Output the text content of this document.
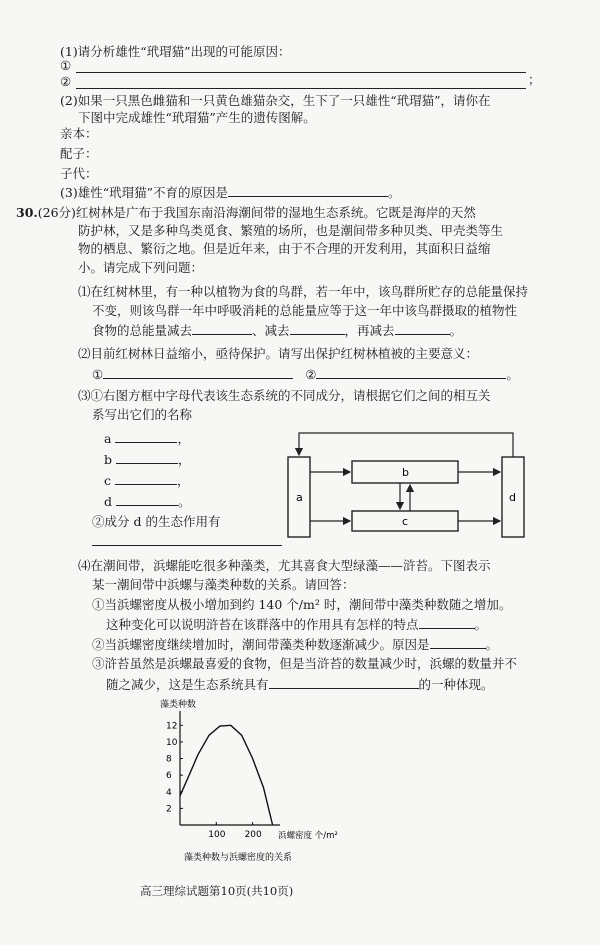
(1)请分析雄性“玳瑁猫”出现的可能原因：
①
②	；
(2)如果一只黑色雌猫和一只黄色雄猫杂交，生下了一只雄性“玳瑁猫”，请你在
下图中完成雄性“玳瑁猫”产生的遗传图解。
亲本：
配子：
子代：
(3)雄性“玳瑁猫”不育的原因是	。
30.(26分)红树林是广布于我国东南沿海潮间带的湿地生态系统。它既是海岸的天然
防护林，又是多种鸟类觅食、繁殖的场所，也是潮间带多种贝类、甲壳类等生
物的栖息、繁衍之地。但是近年来，由于不合理的开发利用，其面积日益缩
小。请完成下列问题：
⑴在红树林里，有一种以植物为食的鸟群，若一年中，该鸟群所贮存的总能量保持
不变，则该鸟群一年中呼吸消耗的总能量应等于这一年中该鸟群摄取的植物性
食物的总能量减去	、减去	，再减去	。
⑵目前红树林日益缩小，亟待保护。请写出保护红树林植被的主要意义：
①	②	。
⑶①右图方框中字母代表该生态系统的不同成分，请根据它们之间的相互关
系写出它们的名称
a	，
b	，
c	，
d	。
②成分 d 的生态作用有
a
b
c
d
⑷在潮间带，浜螺能吃很多种藻类，尤其喜食大型绿藻——浒苔。下图表示
某一潮间带中浜螺与藻类种数的关系。请回答：
①当浜螺密度从极小增加到约 140 个/m² 时，潮间带中藻类种数随之增加。
这种变化可以说明浒苔在该群落中的作用具有怎样的特点	。
②当浜螺密度继续增加时，潮间带藻类种数逐渐减少。原因是	。
③浒苔虽然是浜螺最喜爱的食物，但是当浒苔的数量减少时，浜螺的数量并不
随之减少，这是生态系统具有	的一种体现。
藻类种数
浜螺密度 个/m²
藻类种数与浜螺密度的关系
2
4
6
8
10
12
100 200
高三理综试题第10页(共10页)
